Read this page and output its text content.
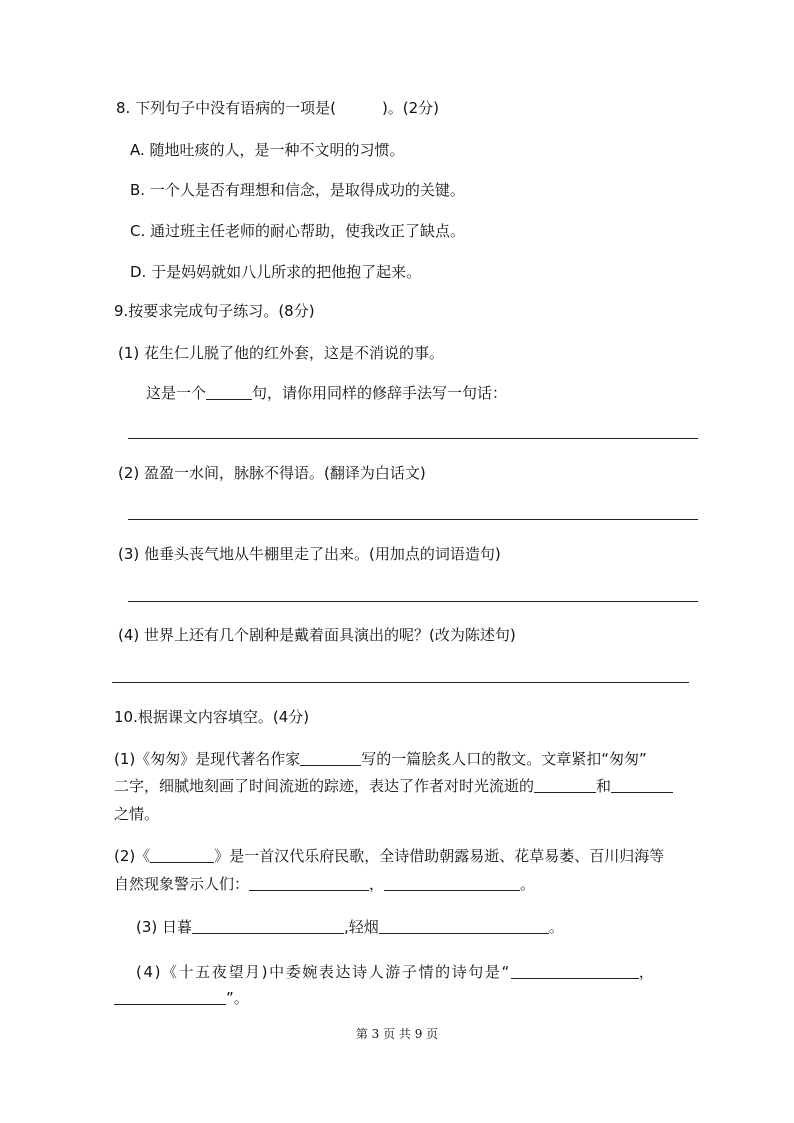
8. 下列句子中没有语病的一项是(	)。(2分)
A. 随地吐痰的人，是一种不文明的习惯。
B. 一个人是否有理想和信念，是取得成功的关键。
C. 通过班主任老师的耐心帮助，使我改正了缺点。
D. 于是妈妈就如八儿所求的把他抱了起来。
9.按要求完成句子练习。(8分)
(1) 花生仁儿脱了他的红外套，这是不消说的事。
这是一个	句，请你用同样的修辞手法写一句话：
(2) 盈盈一水间，脉脉不得语。(翻译为白话文)
(3) 他垂头丧气地从牛棚里走了出来。(用加点的词语造句)
(4) 世界上还有几个剧种是戴着面具演出的呢？(改为陈述句)
10.根据课文内容填空。(4分)
(1)《匆匆》是现代著名作家	写的一篇脍炙人口的散文。文章紧扣“匆匆”
二字，细腻地刻画了时间流逝的踪迹，表达了作者对时光流逝的	和
之情。
(2)《	》是一首汉代乐府民歌，全诗借助朝露易逝、花草易萎、百川归海等
自然现象警示人们：	，	。
(3) 日暮	,轻烟	。
(4)《十五夜望月)中委婉表达诗人游子情的诗句是“	，
”。
第 3 页 共 9 页
